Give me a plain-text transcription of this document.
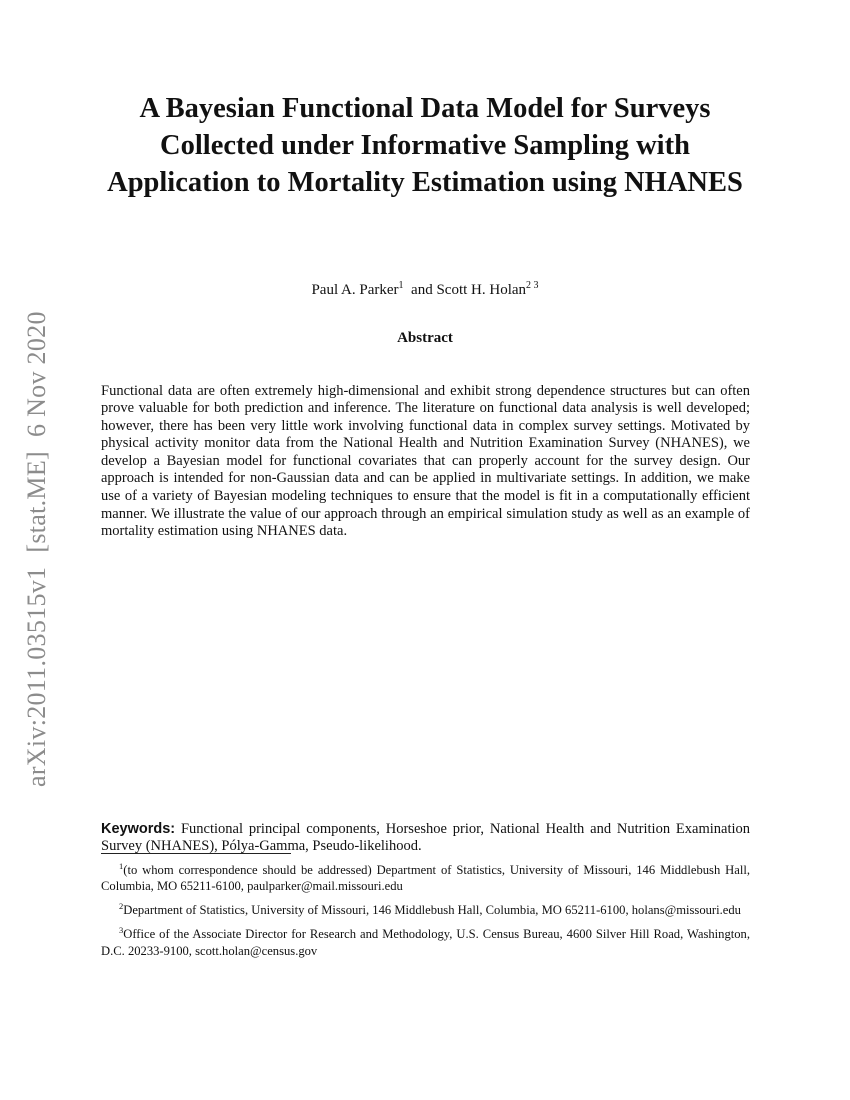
arXiv:2011.03515v1[stat.ME]6 Nov 2020
A Bayesian Functional Data Model for Surveys Collected under Informative Sampling with Application to Mortality Estimation using NHANES
Paul A. Parker$^1$ and Scott H. Holan$^{2 3}$
Abstract

Functional data are often extremely high-dimensional and exhibit strong dependence structures but can often prove valuable for both prediction and inference. The literature on functional data analysis is well developed; however, there has been very little work involving functional data in complex survey settings. Motivated by physical activity monitor data from the National Health and Nutrition Examination Survey (NHANES), we develop a Bayesian model for functional covariates that can properly account for the survey design. Our approach is intended for non-Gaussian data and can be applied in multivariate settings. In addition, we make use of a variety of Bayesian modeling techniques to ensure that the model is fit in a computationally efficient manner. We illustrate the value of our approach through an empirical simulation study as well as an example of mortality estimation using NHANES data.

Keywords: Functional principal components, Horseshoe prior, National Health and Nutrition Examination Survey (NHANES), Pólya-Gamma, Pseudo-likelihood.

$^1$(to whom correspondence should be addressed) Department of Statistics, University of Missouri, 146 Middlebush Hall, Columbia, MO 65211-6100, paulparker@mail.missouri.edu

$^2$Department of Statistics, University of Missouri, 146 Middlebush Hall, Columbia, MO 65211-6100, holans@missouri.edu

$^3$Office of the Associate Director for Research and Methodology, U.S. Census Bureau, 4600 Silver Hill Road, Washington, D.C. 20233-9100, scott.holan@census.gov
